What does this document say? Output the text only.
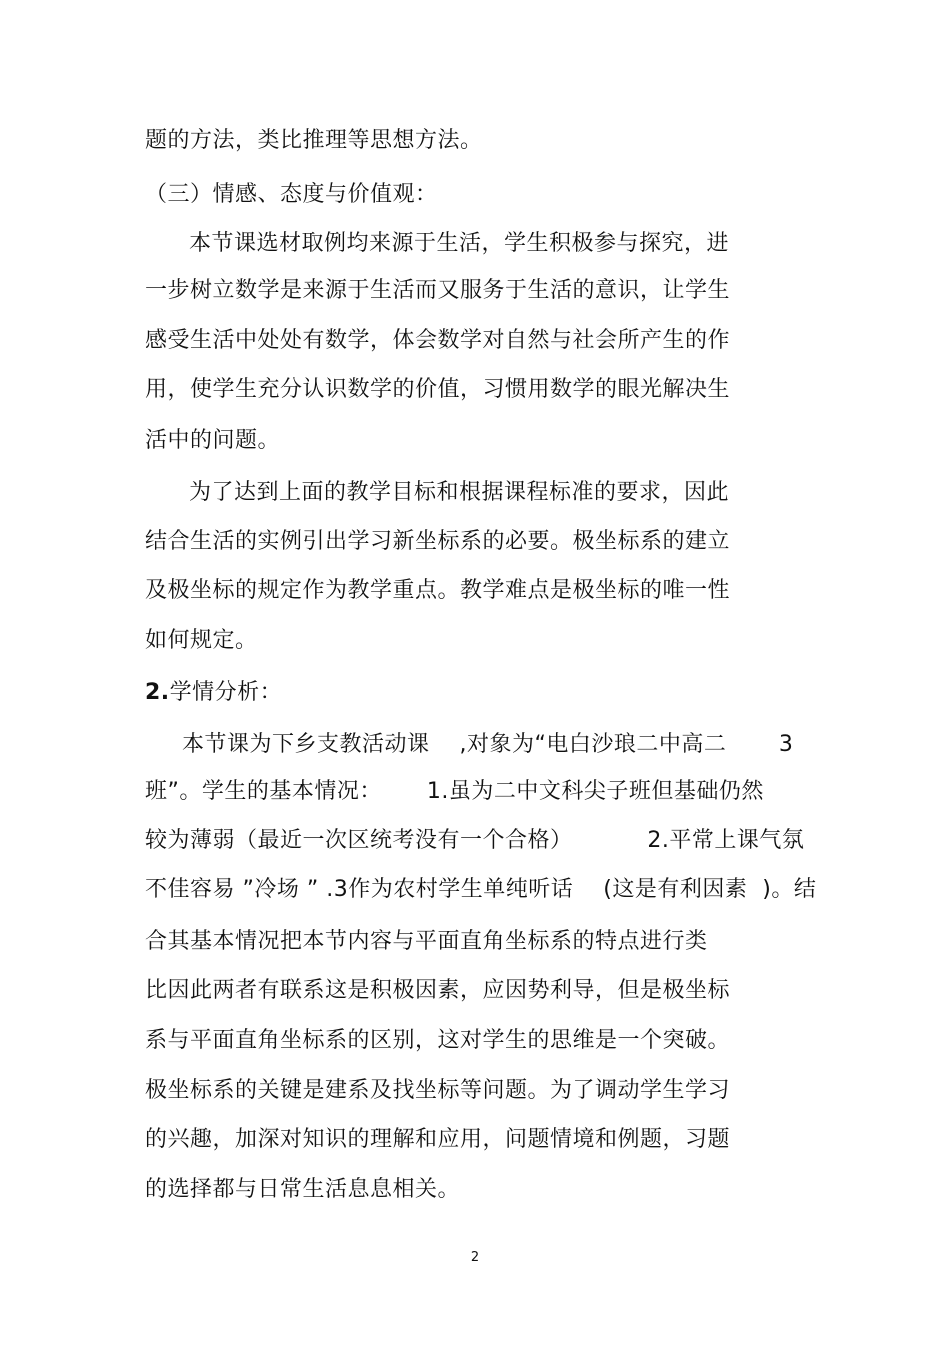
题的方法，类比推理等思想方法。
（三）情感、态度与价值观：
本节课选材取例均来源于生活，学生积极参与探究，进
一步树立数学是来源于生活而又服务于生活的意识，让学生
感受生活中处处有数学，体会数学对自然与社会所产生的作
用，使学生充分认识数学的价值，习惯用数学的眼光解决生
活中的问题。
为了达到上面的教学目标和根据课程标准的要求，因此
结合生活的实例引出学习新坐标系的必要。极坐标系的建立
及极坐标的规定作为教学重点。教学难点是极坐标的唯一性
如何规定。
2.学情分析：
本节课为下乡支教活动课    ,对象为“电白沙琅二中高二       3
班”。学生的基本情况：      1.虽为二中文科尖子班但基础仍然
较为薄弱（最近一次区统考没有一个合格）          2.平常上课气氛
不佳容易 ”冷场 ” .3作为农村学生单纯听话    (这是有利因素  )。结
合其基本情况把本节内容与平面直角坐标系的特点进行类
比因此两者有联系这是积极因素，应因势利导，但是极坐标
系与平面直角坐标系的区别，这对学生的思维是一个突破。
极坐标系的关键是建系及找坐标等问题。为了调动学生学习
的兴趣，加深对知识的理解和应用，问题情境和例题，习题
的选择都与日常生活息息相关。
2
